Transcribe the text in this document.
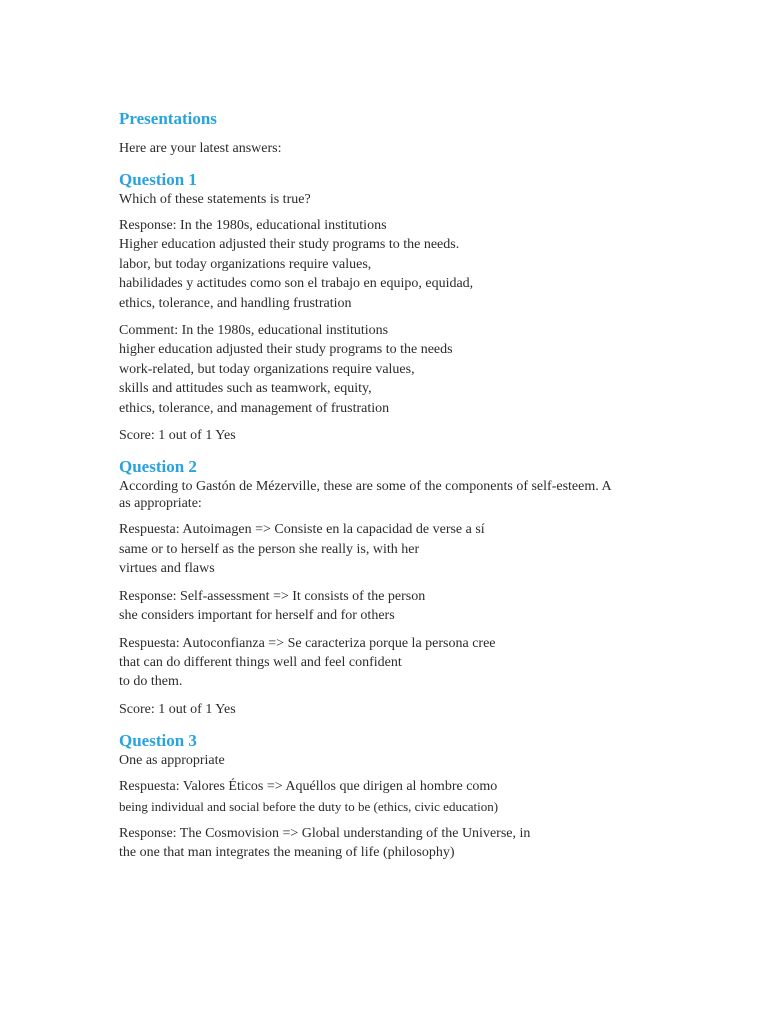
Presentations

Here are your latest answers:

Question 1

Which of these statements is true?

Response: In the 1980s, educational institutions
Higher education adjusted their study programs to the needs.
labor, but today organizations require values,
habilidades y actitudes como son el trabajo en equipo, equidad,
ethics, tolerance, and handling frustration

Comment: In the 1980s, educational institutions
higher education adjusted their study programs to the needs
work-related, but today organizations require values,
skills and attitudes such as teamwork, equity,
ethics, tolerance, and management of frustration

Score: 1 out of 1 Yes

Question 2

According to Gastón de Mézerville, these are some of the components of self-esteem. A
as appropriate:

Respuesta: Autoimagen => Consiste en la capacidad de verse a sí
same or to herself as the person she really is, with her
virtues and flaws

Response: Self-assessment => It consists of the person
she considers important for herself and for others

Respuesta: Autoconfianza => Se caracteriza porque la persona cree
that can do different things well and feel confident
to do them.

Score: 1 out of 1 Yes

Question 3

One as appropriate

Respuesta: Valores Éticos => Aquéllos que dirigen al hombre como
being individual and social before the duty to be (ethics, civic education)

Response: The Cosmovision => Global understanding of the Universe, in
the one that man integrates the meaning of life (philosophy)
